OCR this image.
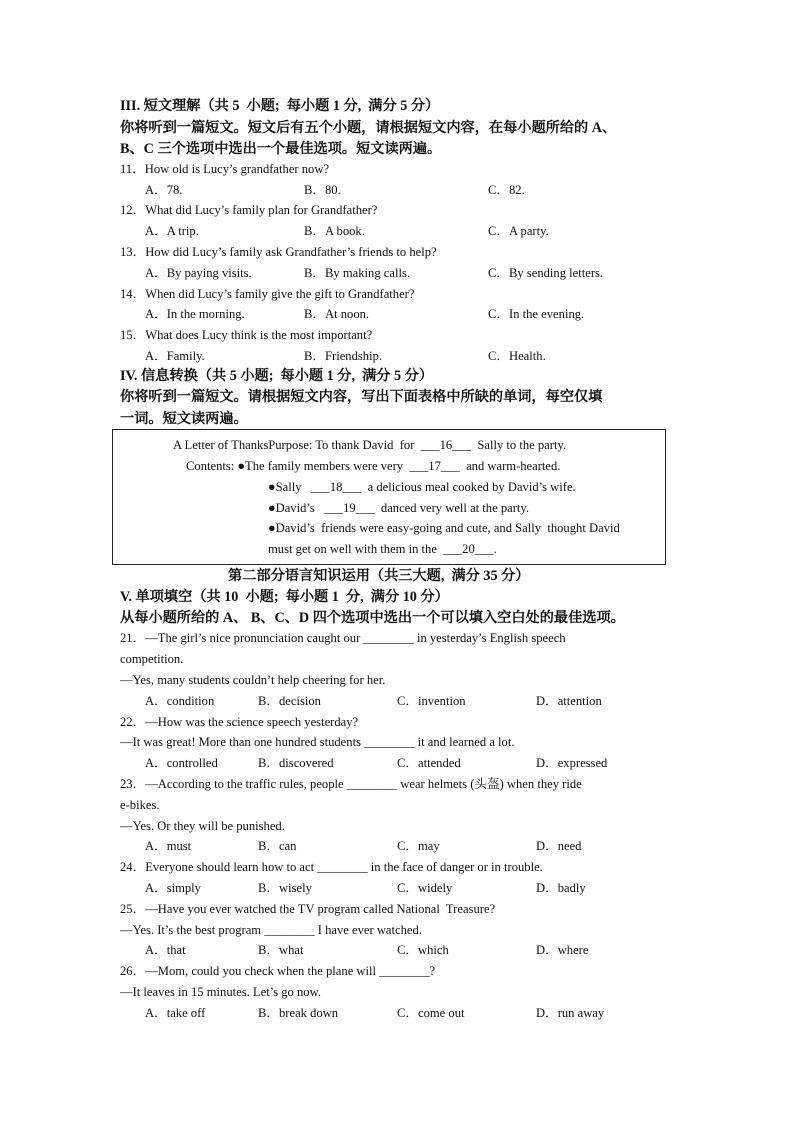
III. 短文理解（共 5  小题;  每小题 1 分,  满分 5 分）
你将听到一篇短文。短文后有五个小题，请根据短文内容，在每小题所给的 A、
B、C 三个选项中选出一个最佳选项。短文读两遍。
11．How old is Lucy’s grandfather now?
A．78.	B．80.	C．82.
12．What did Lucy’s family plan for Grandfather?
A．A trip.	B．A book.	C．A party.
13．How did Lucy’s family ask Grandfather’s friends to help?
A．By paying visits.	B．By making calls.	C．By sending letters.
14．When did Lucy’s family give the gift to Grandfather?
A．In the morning.	B．At noon.	C．In the evening.
15．What does Lucy think is the most important?
A．Family.	B．Friendship.	C．Health.
IV. 信息转换（共 5 小题;  每小题 1 分,  满分 5 分）
你将听到一篇短文。请根据短文内容，写出下面表格中所缺的单词，每空仅填
一词。短文读两遍。
A Letter of ThanksPurpose: To thank David  for  ___16___  Sally to the party.
Contents: ●The family members were very  ___17___  and warm-hearted.
●Sally   ___18___  a delicious meal cooked by David’s wife.
●David’s   ___19___  danced very well at the party.
●David’s  friends were easy-going and cute, and Sally  thought David
must get on well with them in the  ___20___.
第二部分语言知识运用（共三大题,  满分 35 分）
V. 单项填空（共 10  小题;  每小题 1  分,  满分 10 分）
从每小题所给的 A、 B、C、D 四个选项中选出一个可以填入空白处的最佳选项。
21．—The girl’s nice pronunciation caught our ________ in yesterday’s English speech
competition.
—Yes, many students couldn’t help cheering for her.
A．condition	B．decision	C．invention	D．attention
22．—How was the science speech yesterday?
—It was great! More than one hundred students ________ it and learned a lot.
A．controlled	B．discovered	C．attended	D．expressed
23．—According to the traffic rules, people ________ wear helmets (头盔) when they ride
e-bikes.
—Yes. Or they will be punished.
A．must	B．can	C．may	D．need
24．Everyone should learn how to act ________ in the face of danger or in trouble.
A．simply	B．wisely	C．widely	D．badly
25．—Have you ever watched the TV program called National  Treasure?
—Yes. It’s the best program ________ I have ever watched.
A．that	B．what	C．which	D．where
26．—Mom, could you check when the plane will ________?
—It leaves in 15 minutes. Let’s go now.
A．take off	B．break down	C．come out	D．run away
